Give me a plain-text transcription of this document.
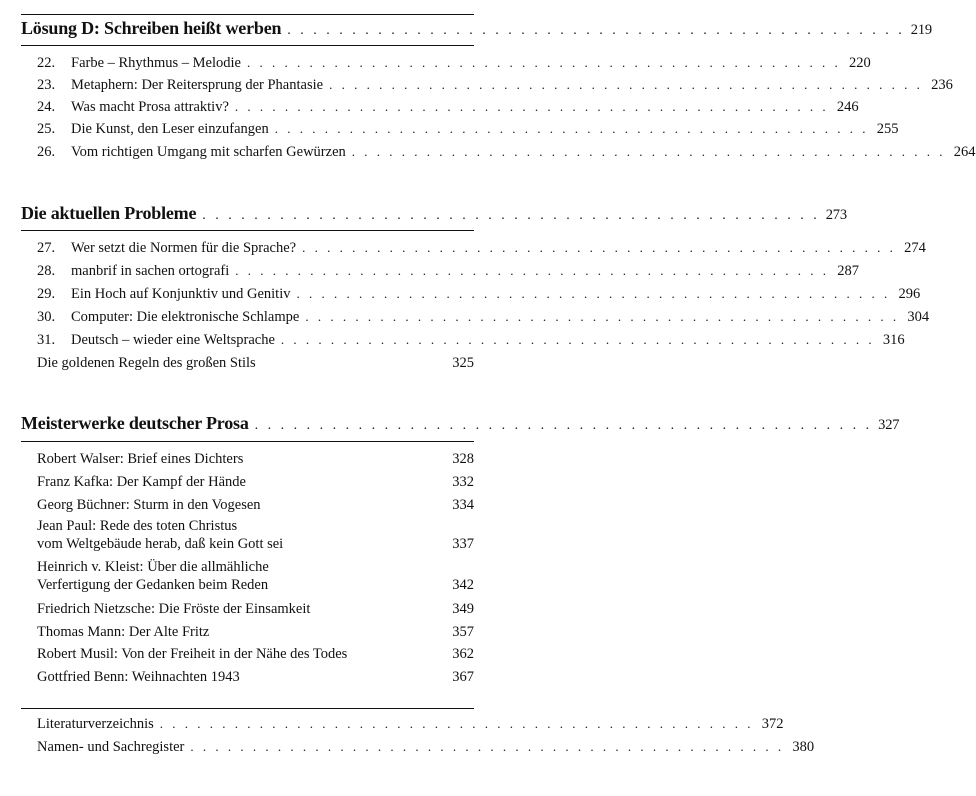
Lösung D: Schreiben heißt werben . . . . . . . . . . . . . . . . . . . . . . . . . . . . . . . . . . . . . . . . . . . . . . . . 219
22.	Farbe – Rhythmus – Melodie . . . . . . . . . . . . . . . . . . . . . . . . . . . . . . . . . . . . . . . . . . . . . . . . 220
23.	Metaphern: Der Reitersprung der Phantasie . . . . . . . . . . . . . . . . . . . . . . . . . . . . . . . . . . . . . . . . . . . . . . . . 236
24.	Was macht Prosa attraktiv? . . . . . . . . . . . . . . . . . . . . . . . . . . . . . . . . . . . . . . . . . . . . . . . . 246
25.	Die Kunst, den Leser einzufangen . . . . . . . . . . . . . . . . . . . . . . . . . . . . . . . . . . . . . . . . . . . . . . . . 255
26.	Vom richtigen Umgang mit scharfen Gewürzen . . . . . . . . . . . . . . . . . . . . . . . . . . . . . . . . . . . . . . . . . . . . . . . . 264
Die aktuellen Probleme . . . . . . . . . . . . . . . . . . . . . . . . . . . . . . . . . . . . . . . . . . . . . . . . 273
27.	Wer setzt die Normen für die Sprache? . . . . . . . . . . . . . . . . . . . . . . . . . . . . . . . . . . . . . . . . . . . . . . . . 274
28.	manbrif in sachen ortografi . . . . . . . . . . . . . . . . . . . . . . . . . . . . . . . . . . . . . . . . . . . . . . . . 287
29.	Ein Hoch auf Konjunktiv und Genitiv . . . . . . . . . . . . . . . . . . . . . . . . . . . . . . . . . . . . . . . . . . . . . . . . 296
30.	Computer: Die elektronische Schlampe . . . . . . . . . . . . . . . . . . . . . . . . . . . . . . . . . . . . . . . . . . . . . . . . 304
31.	Deutsch – wieder eine Weltsprache . . . . . . . . . . . . . . . . . . . . . . . . . . . . . . . . . . . . . . . . . . . . . . . . 316
Die goldenen Regeln des großen Stils	325
Meisterwerke deutscher Prosa . . . . . . . . . . . . . . . . . . . . . . . . . . . . . . . . . . . . . . . . . . . . . . . . 327
Robert Walser: Brief eines Dichters	328
Franz Kafka: Der Kampf der Hände	332
Georg Büchner: Sturm in den Vogesen	334
Jean Paul: Rede des toten Christus
vom Weltgebäude herab, daß kein Gott sei	337
Heinrich v. Kleist: Über die allmähliche
Verfertigung der Gedanken beim Reden	342
Friedrich Nietzsche: Die Fröste der Einsamkeit	349
Thomas Mann: Der Alte Fritz	357
Robert Musil: Von der Freiheit in der Nähe des Todes	362
Gottfried Benn: Weihnachten 1943	367
Literaturverzeichnis . . . . . . . . . . . . . . . . . . . . . . . . . . . . . . . . . . . . . . . . . . . . . . . . 372
Namen- und Sachregister . . . . . . . . . . . . . . . . . . . . . . . . . . . . . . . . . . . . . . . . . . . . . . . . 380
